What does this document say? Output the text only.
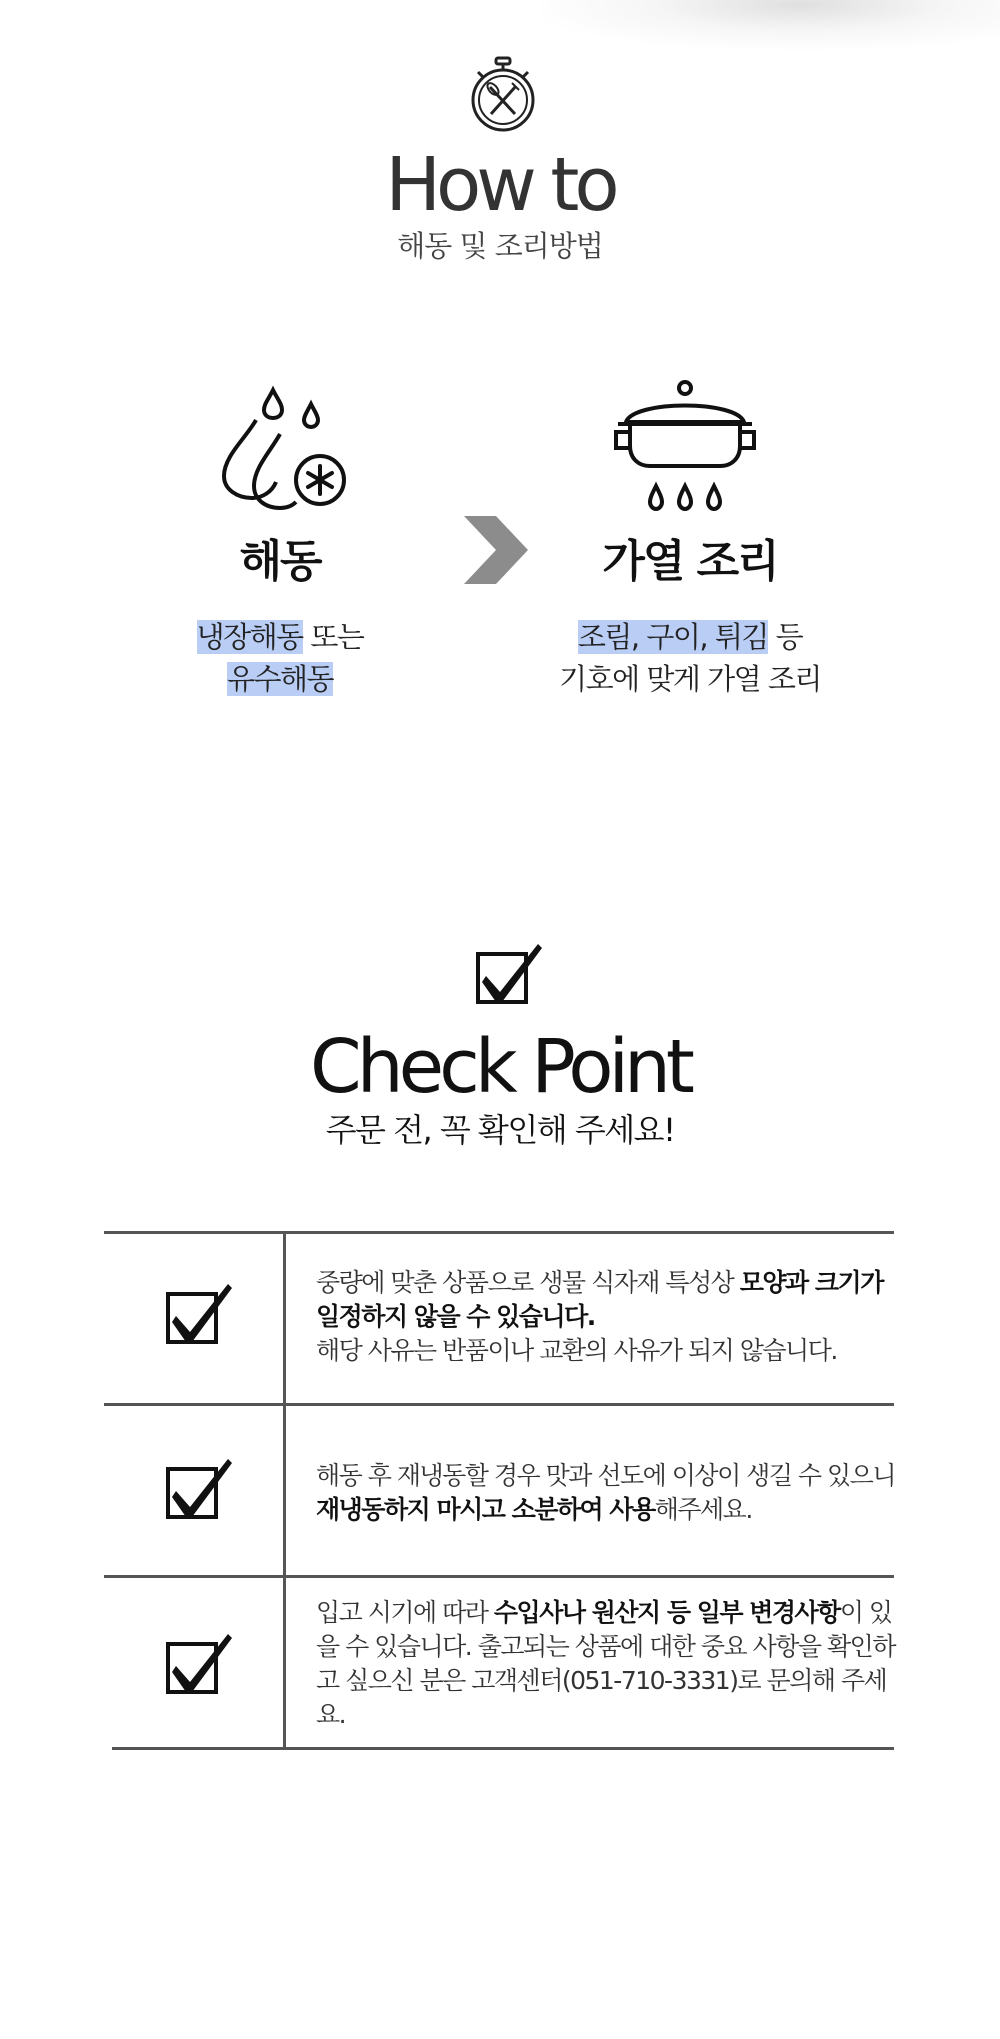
How to
해동 및 조리방법
해동
냉장해동 또는
유수해동
가열 조리
조림, 구이, 튀김 등
기호에 맞게 가열 조리
Check Point
주문 전, 꼭 확인해 주세요!
중량에 맞춘 상품으로 생물 식자재 특성상 모양과 크기가 일정하지 않을 수 있습니다.
해당 사유는 반품이나 교환의 사유가 되지 않습니다.
해동 후 재냉동할 경우 맛과 선도에 이상이 생길 수 있으니 재냉동하지 마시고 소분하여 사용해주세요.
입고 시기에 따라 수입사나 원산지 등 일부 변경사항이 있을 수 있습니다. 출고되는 상품에 대한 중요 사항을 확인하고 싶으신 분은 고객센터(051-710-3331)로 문의해 주세요.
